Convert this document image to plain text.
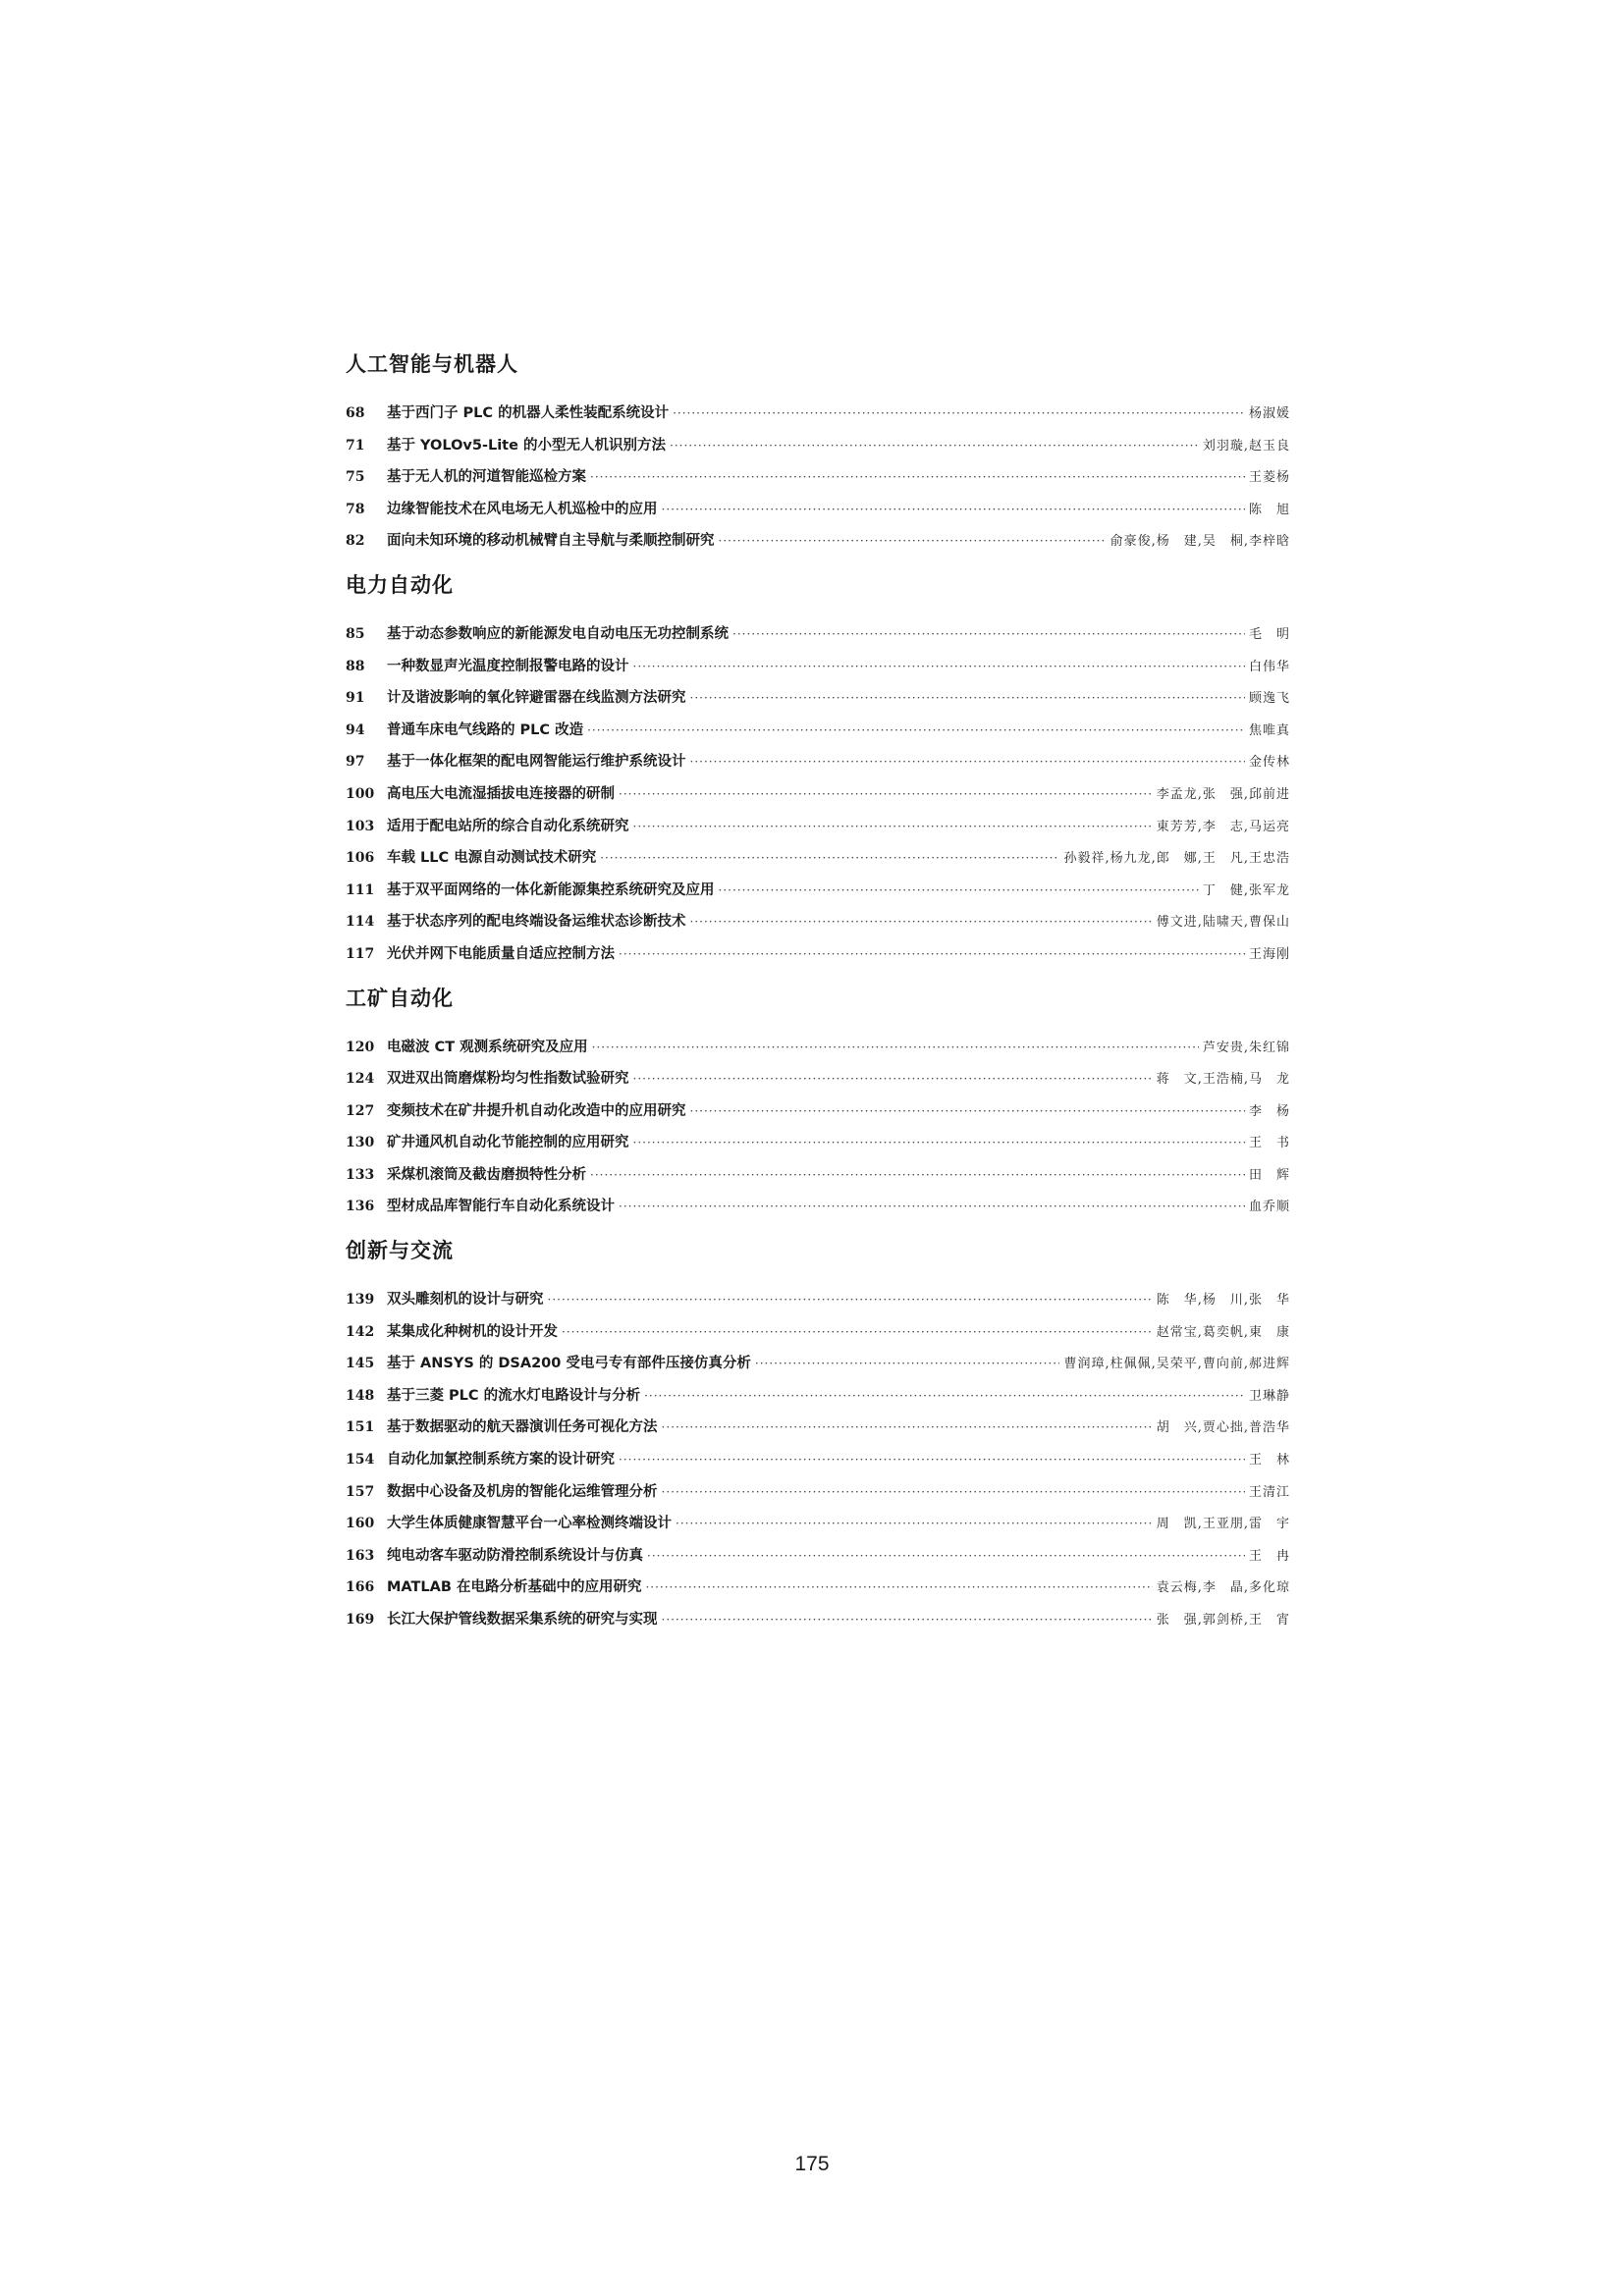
人工智能与机器人
68	基于西门子 PLC 的机器人柔性装配系统设计 ·····	杨淑媛
71	基于 YOLOv5-Lite 的小型无人机识别方法 ·····	刘羽璇,赵玉良
75	基于无人机的河道智能巡检方案 ·····	王菱杨
78	边缘智能技术在风电场无人机巡检中的应用 ·····	陈　旭
82	面向未知环境的移动机械臂自主导航与柔顺控制研究 ·····	俞豪俊,杨　建,吴　桐,李梓晗
电力自动化
85	基于动态参数响应的新能源发电自动电压无功控制系统 ·····	毛　明
88	一种数显声光温度控制报警电路的设计 ·····	白伟华
91	计及谐波影响的氧化锌避雷器在线监测方法研究 ·····	顾逸飞
94	普通车床电气线路的 PLC 改造 ·····	焦唯真
97	基于一体化框架的配电网智能运行维护系统设计 ·····	金传林
100 高电压大电流湿插拔电连接器的研制 ·····	李孟龙,张　强,邱前进
103 适用于配电站所的综合自动化系统研究 ·····	東芳芳,李　志,马运亮
106 车载 LLC 电源自动测试技术研究 ·····	孙毅祥,杨九龙,郎　娜,王　凡,王忠浩
111 基于双平面网络的一体化新能源集控系统研究及应用 ·····	丁　健,张军龙
114 基于状态序列的配电终端设备运维状态诊断技术 ·····	傅文进,陆啸天,曹保山
117 光伏并网下电能质量自适应控制方法 ·····	王海刚
工矿自动化
120 电磁波 CT 观测系统研究及应用 ·····	芦安贵,朱红锦
124 双进双出筒磨煤粉均匀性指数试验研究 ·····	蒋　文,王浩楠,马　龙
127 变频技术在矿井提升机自动化改造中的应用研究 ·····	李　杨
130 矿井通风机自动化节能控制的应用研究 ·····	王　书
133 采煤机滚筒及截齿磨损特性分析 ·····	田　辉
136 型材成品库智能行车自动化系统设计 ·····	血乔顺
创新与交流
139 双头雕刻机的设计与研究 ·····	陈　华,杨　川,张　华
142 某集成化种树机的设计开发 ·····	赵常宝,葛奕帆,東　康
145 基于 ANSYS 的 DSA200 受电弓专有部件压接仿真分析 ·····	曹润璋,柱佩佩,吴荣平,曹向前,郝进辉
148 基于三菱 PLC 的流水灯电路设计与分析 ·····	卫琳静
151 基于数据驱动的航天器演训任务可视化方法 ·····	胡　兴,贾心拙,普浩华
154 自动化加氯控制系统方案的设计研究 ·····	王　林
157 数据中心设备及机房的智能化运维管理分析 ·····	王清江
160 大学生体质健康智慧平台一心率检测终端设计 ·····	周　凯,王亚朋,雷　宇
163 纯电动客车驱动防滑控制系统设计与仿真 ·····	王　冉
166 MATLAB 在电路分析基础中的应用研究 ·····	袁云梅,李　晶,多化琼
169 长江大保护管线数据采集系统的研究与实现 ·····	张　强,郭剑桥,王　宵
175
